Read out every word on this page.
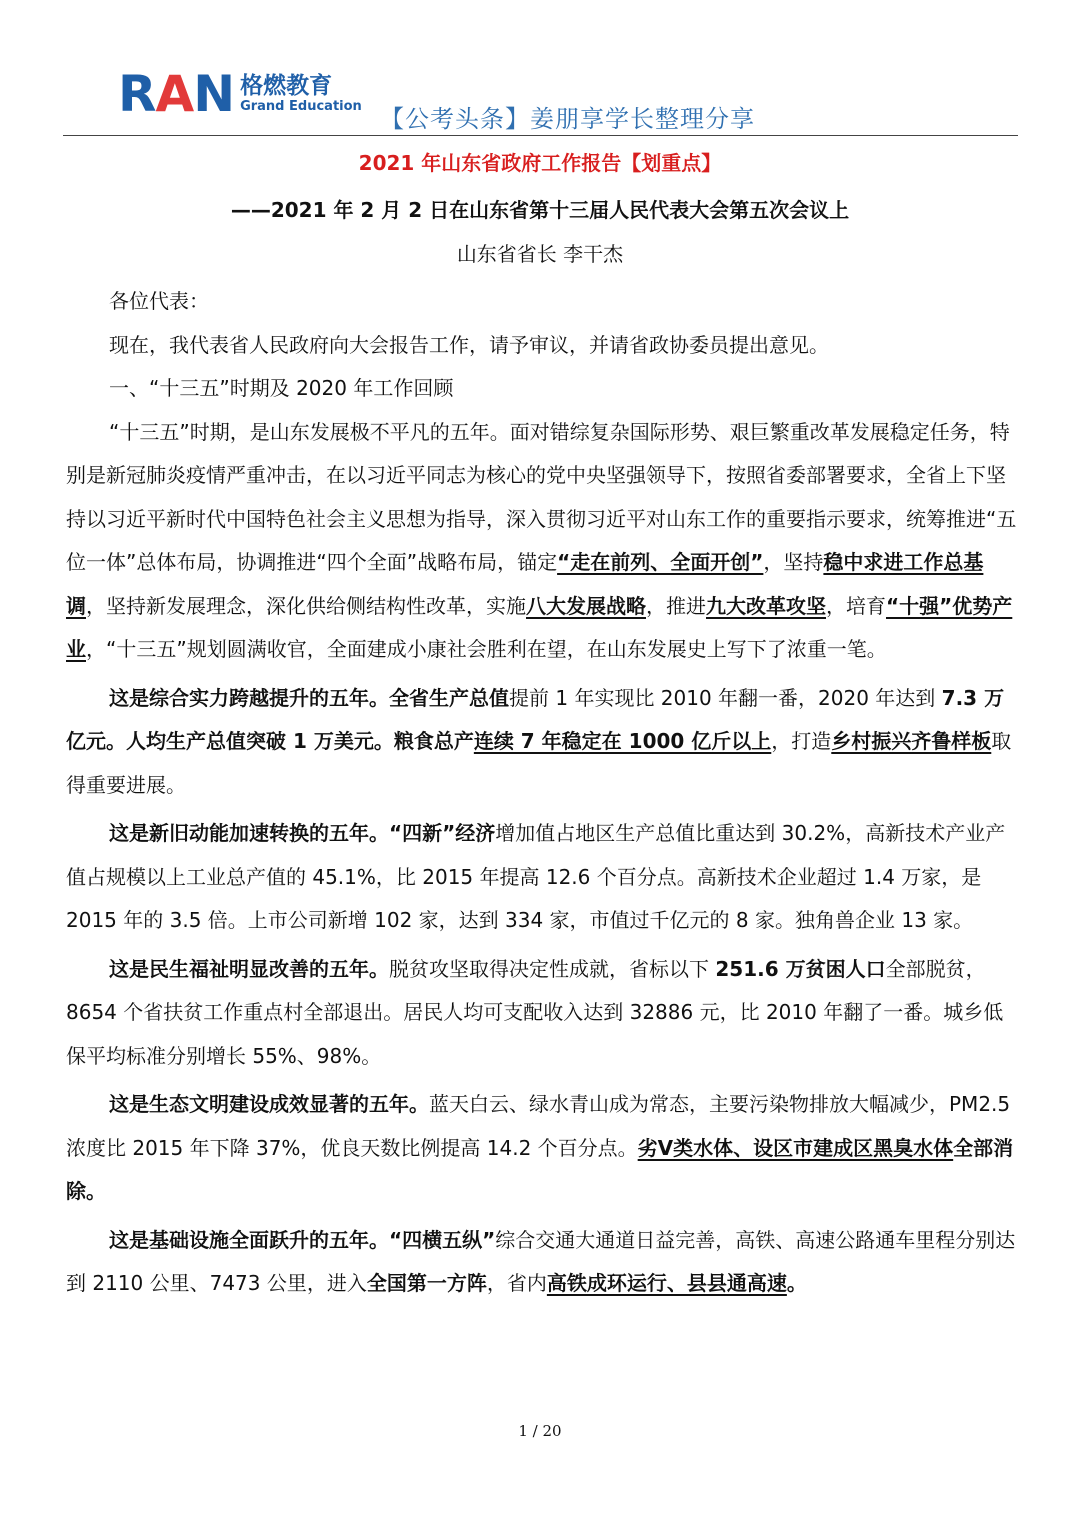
RAN 格燃教育
Grand Education 【公考头条】姜朋享学长整理分享
2021 年山东省政府工作报告【划重点】
——2021 年 2 月 2 日在山东省第十三届人民代表大会第五次会议上
山东省省长 李干杰

各位代表：

现在，我代表省人民政府向大会报告工作，请予审议，并请省政协委员提出意见。

一、“十三五”时期及 2020 年工作回顾

“十三五”时期，是山东发展极不平凡的五年。面对错综复杂国际形势、艰巨繁重改革发展稳定任务，特别是新冠肺炎疫情严重冲击，在以习近平同志为核心的党中央坚强领导下，按照省委部署要求，全省上下坚持以习近平新时代中国特色社会主义思想为指导，深入贯彻习近平对山东工作的重要指示要求，统筹推进“五位一体”总体布局，协调推进“四个全面”战略布局，锚定“走在前列、全面开创”，坚持稳中求进工作总基调，坚持新发展理念，深化供给侧结构性改革，实施八大发展战略，推进九大改革攻坚，培育“十强”优势产业，“十三五”规划圆满收官，全面建成小康社会胜利在望，在山东发展史上写下了浓重一笔。

这是综合实力跨越提升的五年。全省生产总值提前 1 年实现比 2010 年翻一番，2020 年达到 7.3 万亿元。人均生产总值突破 1 万美元。粮食总产连续 7 年稳定在 1000 亿斤以上，打造乡村振兴齐鲁样板取得重要进展。

这是新旧动能加速转换的五年。“四新”经济增加值占地区生产总值比重达到 30.2%，高新技术产业产值占规模以上工业总产值的 45.1%，比 2015 年提高 12.6 个百分点。高新技术企业超过 1.4 万家，是 2015 年的 3.5 倍。上市公司新增 102 家，达到 334 家，市值过千亿元的 8 家。独角兽企业 13 家。

这是民生福祉明显改善的五年。脱贫攻坚取得决定性成就，省标以下 251.6 万贫困人口全部脱贫，8654 个省扶贫工作重点村全部退出。居民人均可支配收入达到 32886 元，比 2010 年翻了一番。城乡低保平均标准分别增长 55%、98%。

这是生态文明建设成效显著的五年。蓝天白云、绿水青山成为常态，主要污染物排放大幅减少，PM2.5 浓度比 2015 年下降 37%，优良天数比例提高 14.2 个百分点。劣Ⅴ类水体、设区市建成区黑臭水体全部消除。

这是基础设施全面跃升的五年。“四横五纵”综合交通大通道日益完善，高铁、高速公路通车里程分别达到 2110 公里、7473 公里，进入全国第一方阵，省内高铁成环运行、县县通高速。

1 / 20
